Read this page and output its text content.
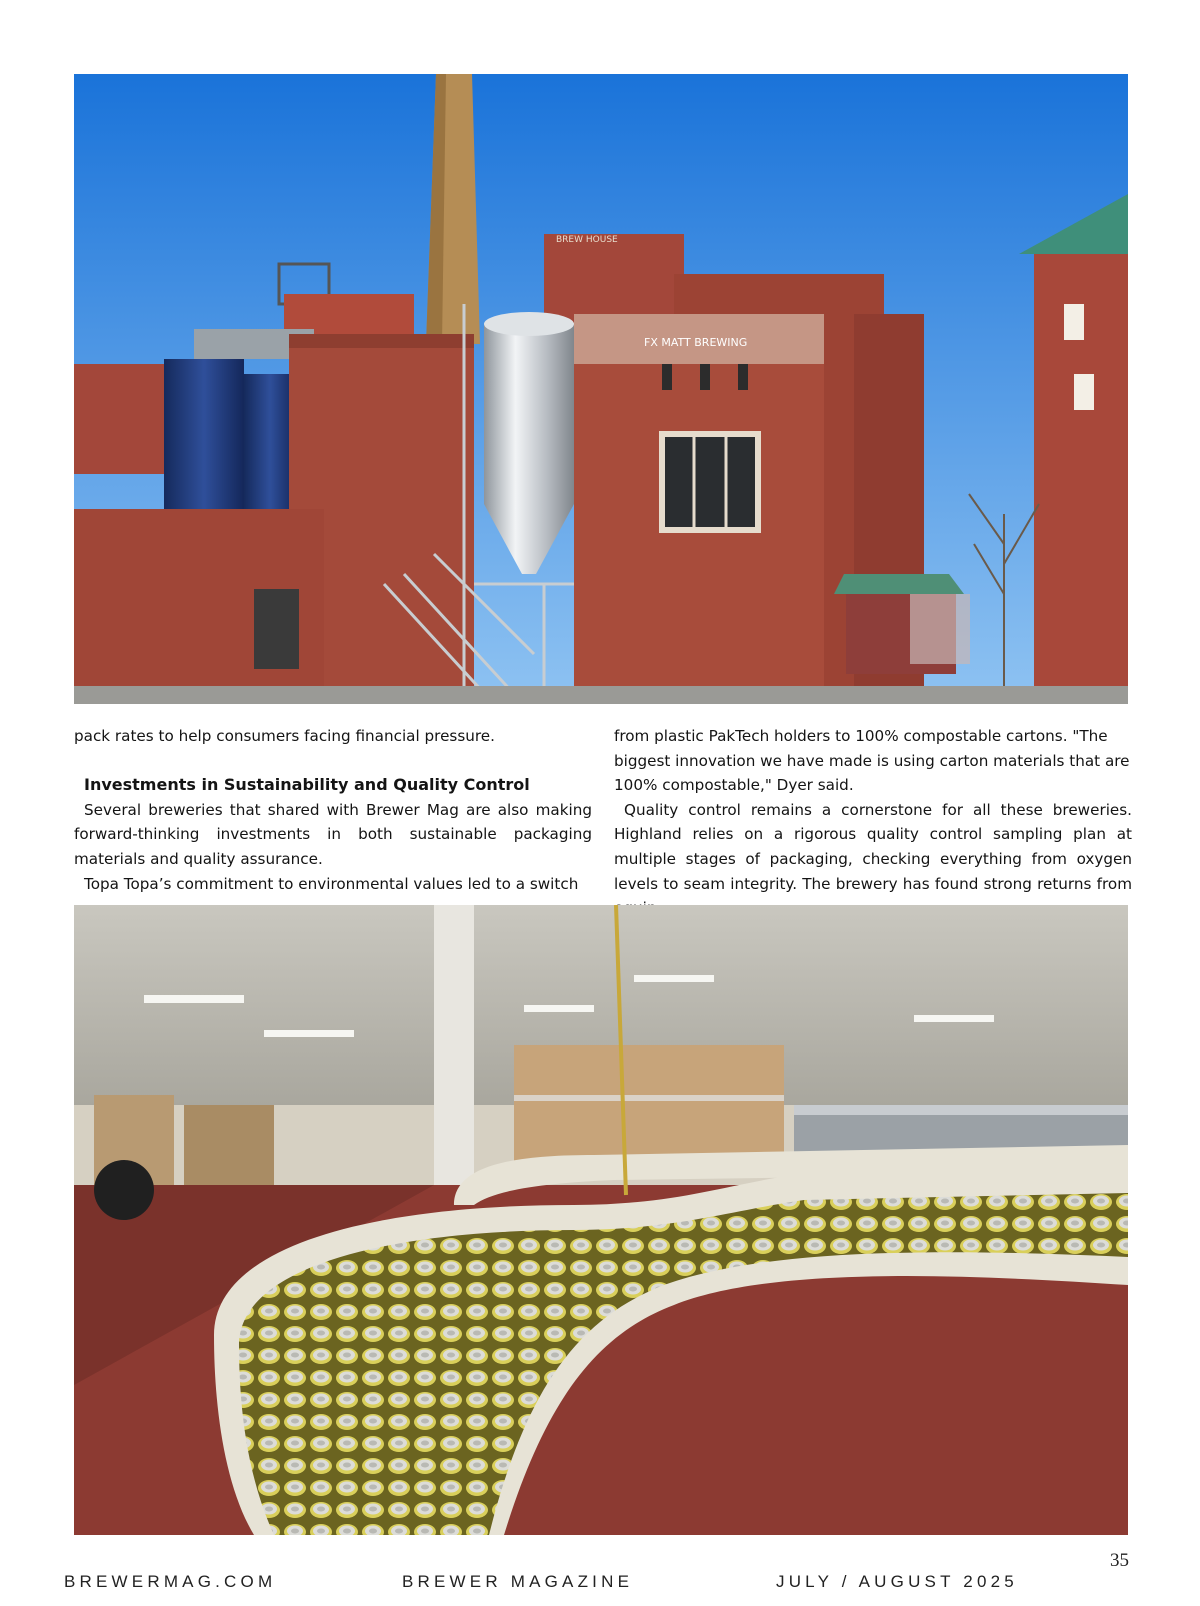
FX MATT BREWING
BREW HOUSE

pack rates to help consumers facing financial pressure.

Investments in Sustainability and Quality Control

Several breweries that shared with Brewer Mag are also making forward-thinking investments in both sustainable packaging materials and quality assurance.

Topa Topa’s commitment to environmental values led to a switch

from plastic PakTech holders to 100% compostable cartons. "The biggest innovation we have made is using carton materials that are 100% compostable," Dyer said.

Quality control remains a cornerstone for all these breweries. Highland relies on a rigorous quality control sampling plan at multiple stages of packaging, checking everything from oxygen levels to seam integrity. The brewery has found strong returns from

BREWERMAG.COM	BREWER MAGAZINE	JULY / AUGUST 2025
35
